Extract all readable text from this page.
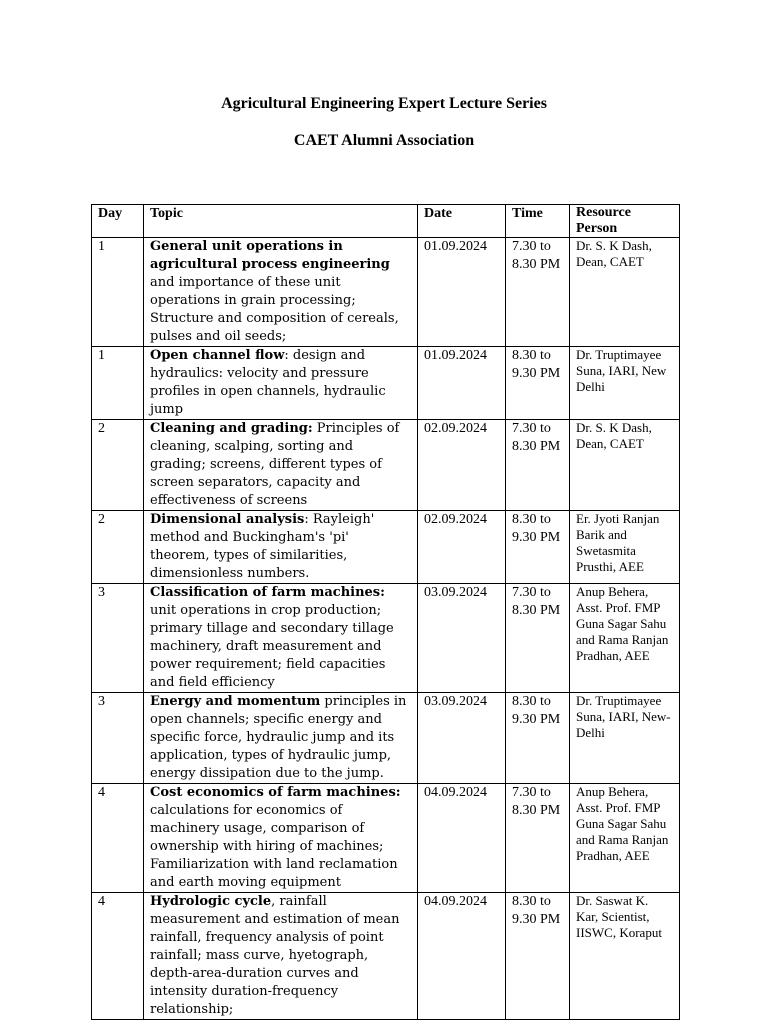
Agricultural Engineering Expert Lecture Series
CAET Alumni Association
Day	Topic	Date	Time	Resource Person
1	General unit operations in agricultural process engineering and importance of these unit operations in grain processing; Structure and composition of cereals, pulses and oil seeds;	01.09.2024	7.30 to 8.30 PM	Dr. S. K Dash, Dean, CAET
1	Open channel flow: design and hydraulics: velocity and pressure profiles in open channels, hydraulic jump	01.09.2024	8.30 to 9.30 PM	Dr. Truptimayee Suna, IARI, New Delhi
2	Cleaning and grading: Principles of cleaning, scalping, sorting and grading; screens, different types of screen separators, capacity and effectiveness of screens	02.09.2024	7.30 to 8.30 PM	Dr. S. K Dash, Dean, CAET
2	Dimensional analysis: Rayleigh' method and Buckingham's 'pi' theorem, types of similarities, dimensionless numbers.	02.09.2024	8.30 to 9.30 PM	Er. Jyoti Ranjan Barik and Swetasmita Prusthi, AEE
3	Classification of farm machines: unit operations in crop production; primary tillage and secondary tillage machinery, draft measurement and power requirement; field capacities and field efficiency	03.09.2024	7.30 to 8.30 PM	Anup Behera, Asst. Prof. FMP Guna Sagar Sahu and Rama Ranjan Pradhan, AEE
3	Energy and momentum principles in open channels; specific energy and specific force, hydraulic jump and its application, types of hydraulic jump, energy dissipation due to the jump.	03.09.2024	8.30 to 9.30 PM	Dr. Truptimayee Suna, IARI, New-Delhi
4	Cost economics of farm machines: calculations for economics of machinery usage, comparison of ownership with hiring of machines; Familiarization with land reclamation and earth moving equipment	04.09.2024	7.30 to 8.30 PM	Anup Behera, Asst. Prof. FMP Guna Sagar Sahu and Rama Ranjan Pradhan, AEE
4	Hydrologic cycle, rainfall measurement and estimation of mean rainfall, frequency analysis of point rainfall; mass curve, hyetograph, depth-area-duration curves and intensity duration-frequency relationship;	04.09.2024	8.30 to 9.30 PM	Dr. Saswat K. Kar, Scientist, IISWC, Koraput
